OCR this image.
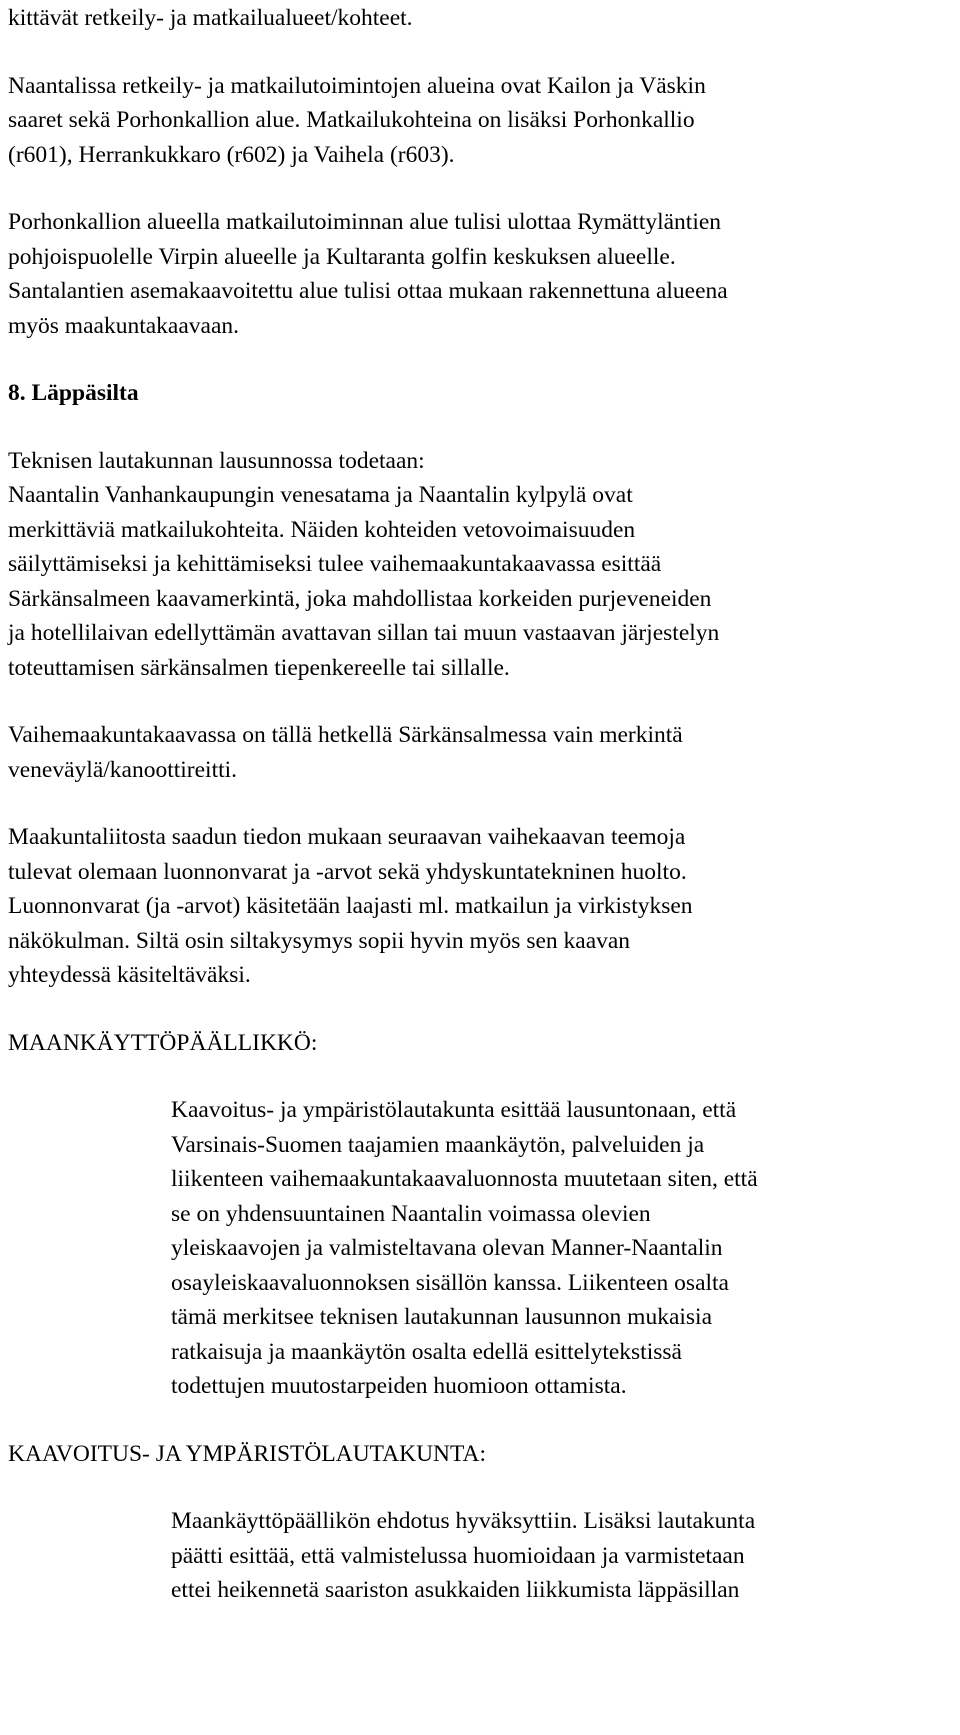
kittävät retkeily- ja matkailualueet/kohteet.

Naantalissa retkeily- ja matkailutoimintojen alueina ovat Kailon ja Väskin

saaret sekä Porhonkallion alue. Matkailukohteina on lisäksi Porhonkallio

(r601), Herrankukkaro (r602) ja Vaihela (r603).

Porhonkallion alueella matkailutoiminnan alue tulisi ulottaa Rymättyläntien

pohjoispuolelle Virpin alueelle ja Kultaranta golfin keskuksen alueelle.

Santalantien asemakaavoitettu alue tulisi ottaa mukaan rakennettuna alueena

myös maakuntakaavaan.

8. Läppäsilta

Teknisen lautakunnan lausunnossa todetaan:

Naantalin Vanhankaupungin venesatama ja Naantalin kylpylä ovat

merkittäviä matkailukohteita. Näiden kohteiden vetovoimaisuuden

säilyttämiseksi ja kehittämiseksi tulee vaihemaakuntakaavassa esittää

Särkänsalmeen kaavamerkintä, joka mahdollistaa korkeiden purjeveneiden

ja hotellilaivan edellyttämän avattavan sillan tai muun vastaavan järjestelyn

toteuttamisen särkänsalmen tiepenkereelle tai sillalle.

Vaihemaakuntakaavassa on tällä hetkellä Särkänsalmessa vain merkintä

veneväylä/kanoottireitti.

Maakuntaliitosta saadun tiedon mukaan seuraavan vaihekaavan teemoja

tulevat olemaan luonnonvarat ja -arvot sekä yhdyskuntatekninen huolto.

Luonnonvarat (ja -arvot) käsitetään laajasti ml. matkailun ja virkistyksen

näkökulman. Siltä osin siltakysymys sopii hyvin myös sen kaavan

yhteydessä käsiteltäväksi.

MAANKÄYTTÖPÄÄLLIKKÖ:

Kaavoitus- ja ympäristölautakunta esittää lausuntonaan, että

Varsinais-Suomen taajamien maankäytön, palveluiden ja

liikenteen vaihemaakuntakaavaluonnosta muutetaan siten, että

se on yhdensuuntainen Naantalin voimassa olevien

yleiskaavojen ja valmisteltavana olevan Manner-Naantalin

osayleiskaavaluonnoksen sisällön kanssa. Liikenteen osalta

tämä merkitsee teknisen lautakunnan lausunnon mukaisia

ratkaisuja ja maankäytön osalta edellä esittelytekstissä

todettujen muutostarpeiden huomioon ottamista.

KAAVOITUS- JA YMPÄRISTÖLAUTAKUNTA:

Maankäyttöpäällikön ehdotus hyväksyttiin. Lisäksi lautakunta

päätti esittää, että valmistelussa huomioidaan ja varmistetaan

ettei heikennetä saariston asukkaiden liikkumista läppäsillan
